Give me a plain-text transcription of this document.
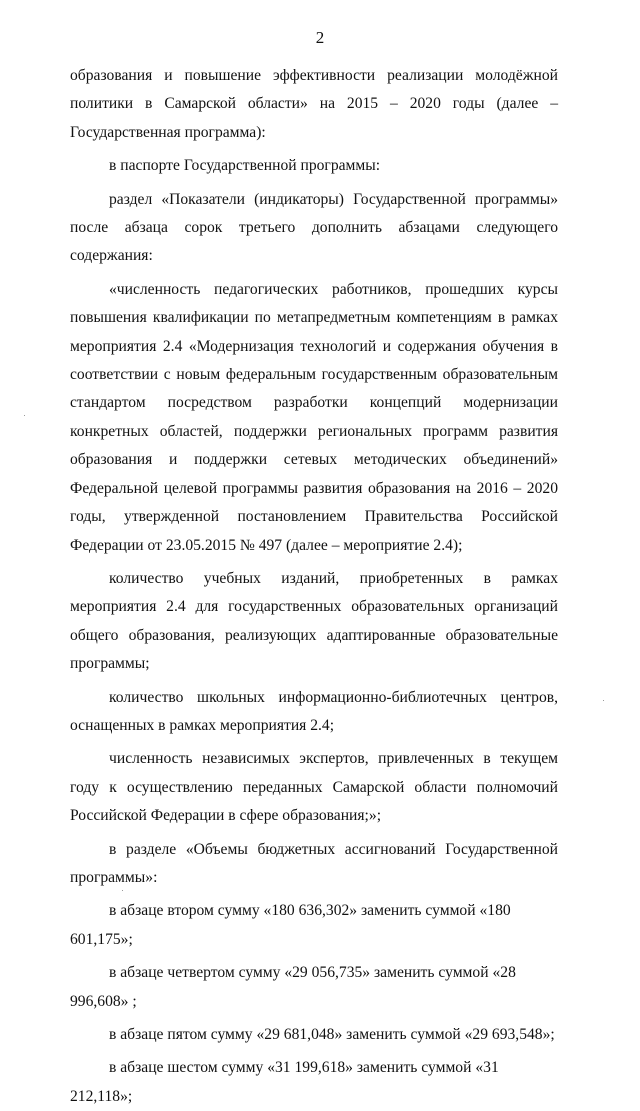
2

образования и повышение эффективности реализации молодёжной политики в Самарской области» на 2015 – 2020 годы (далее – Государственная программа):

в паспорте Государственной программы:

раздел «Показатели (индикаторы) Государственной программы» после абзаца сорок третьего дополнить абзацами следующего содержания:

«численность педагогических работников, прошедших курсы повышения квалификации по метапредметным компетенциям в рамках мероприятия 2.4 «Модернизация технологий и содержания обучения в соответствии с новым федеральным государственным образовательным стандартом посредством разработки концепций модернизации конкретных областей, поддержки региональных программ развития образования и поддержки сетевых методических объединений» Федеральной целевой программы развития образования на 2016 – 2020 годы, утвержденной постановлением Правительства Российской Федерации от 23.05.2015 № 497 (далее – мероприятие 2.4);

количество учебных изданий, приобретенных в рамках мероприятия 2.4 для государственных образовательных организаций общего образования, реализующих адаптированные образовательные программы;

количество школьных информационно-библиотечных центров, оснащенных в рамках мероприятия 2.4;

численность независимых экспертов, привлеченных в текущем году к осуществлению переданных Самарской области полномочий Российской Федерации в сфере образования;»;

в разделе «Объемы бюджетных ассигнований Государственной программы»:

в абзаце втором сумму «180 636,302» заменить суммой «180 601,175»;

в абзаце четвертом сумму «29 056,735» заменить суммой «28 996,608» ;

в абзаце пятом сумму «29 681,048» заменить суммой «29 693,548»;

в абзаце шестом сумму «31 199,618» заменить суммой «31 212,118»;
